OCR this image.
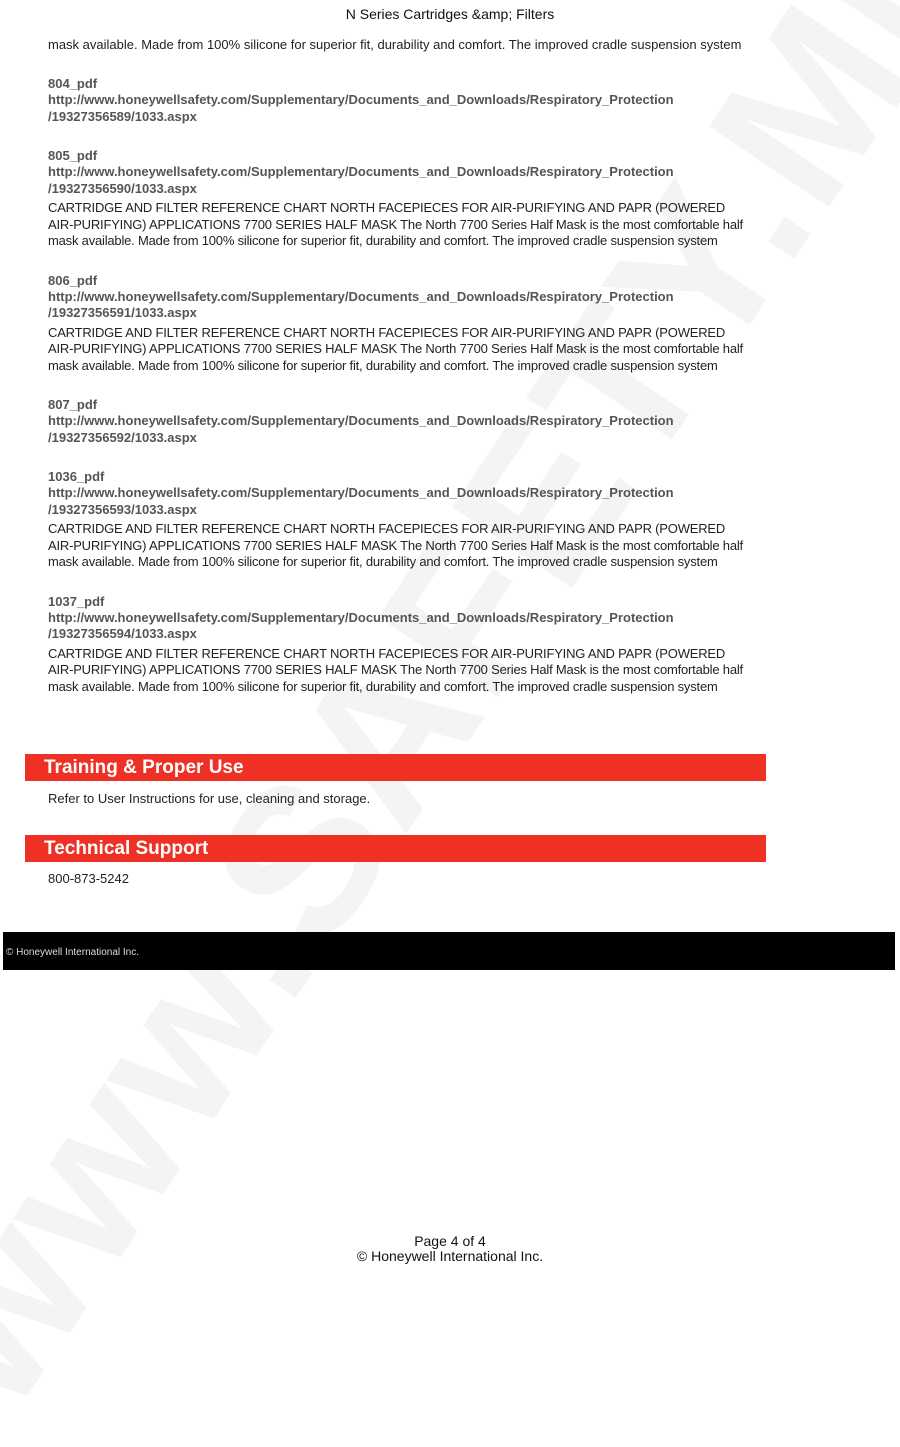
N Series Cartridges &amp; Filters
mask available. Made from 100% silicone for superior fit, durability and comfort. The improved cradle suspension system
804_pdf
http://www.honeywellsafety.com/Supplementary/Documents_and_Downloads/Respiratory_Protection
/19327356589/1033.aspx
805_pdf
http://www.honeywellsafety.com/Supplementary/Documents_and_Downloads/Respiratory_Protection
/19327356590/1033.aspx
CARTRIDGE AND FILTER REFERENCE CHART NORTH FACEPIECES FOR AIR-PURIFYING AND PAPR (POWERED
AIR-PURIFYING) APPLICATIONS 7700 SERIES HALF MASK The North 7700 Series Half Mask is the most comfortable half
mask available. Made from 100% silicone for superior fit, durability and comfort. The improved cradle suspension system
806_pdf
http://www.honeywellsafety.com/Supplementary/Documents_and_Downloads/Respiratory_Protection
/19327356591/1033.aspx
CARTRIDGE AND FILTER REFERENCE CHART NORTH FACEPIECES FOR AIR-PURIFYING AND PAPR (POWERED
AIR-PURIFYING) APPLICATIONS 7700 SERIES HALF MASK The North 7700 Series Half Mask is the most comfortable half
mask available. Made from 100% silicone for superior fit, durability and comfort. The improved cradle suspension system
807_pdf
http://www.honeywellsafety.com/Supplementary/Documents_and_Downloads/Respiratory_Protection
/19327356592/1033.aspx
1036_pdf
http://www.honeywellsafety.com/Supplementary/Documents_and_Downloads/Respiratory_Protection
/19327356593/1033.aspx
CARTRIDGE AND FILTER REFERENCE CHART NORTH FACEPIECES FOR AIR-PURIFYING AND PAPR (POWERED
AIR-PURIFYING) APPLICATIONS 7700 SERIES HALF MASK The North 7700 Series Half Mask is the most comfortable half
mask available. Made from 100% silicone for superior fit, durability and comfort. The improved cradle suspension system
1037_pdf
http://www.honeywellsafety.com/Supplementary/Documents_and_Downloads/Respiratory_Protection
/19327356594/1033.aspx
CARTRIDGE AND FILTER REFERENCE CHART NORTH FACEPIECES FOR AIR-PURIFYING AND PAPR (POWERED
AIR-PURIFYING) APPLICATIONS 7700 SERIES HALF MASK The North 7700 Series Half Mask is the most comfortable half
mask available. Made from 100% silicone for superior fit, durability and comfort. The improved cradle suspension system
Training & Proper Use
Refer to User Instructions for use, cleaning and storage.
Technical Support
800-873-5242
© Honeywell International Inc.
Page 4 of 4
© Honeywell International Inc.
